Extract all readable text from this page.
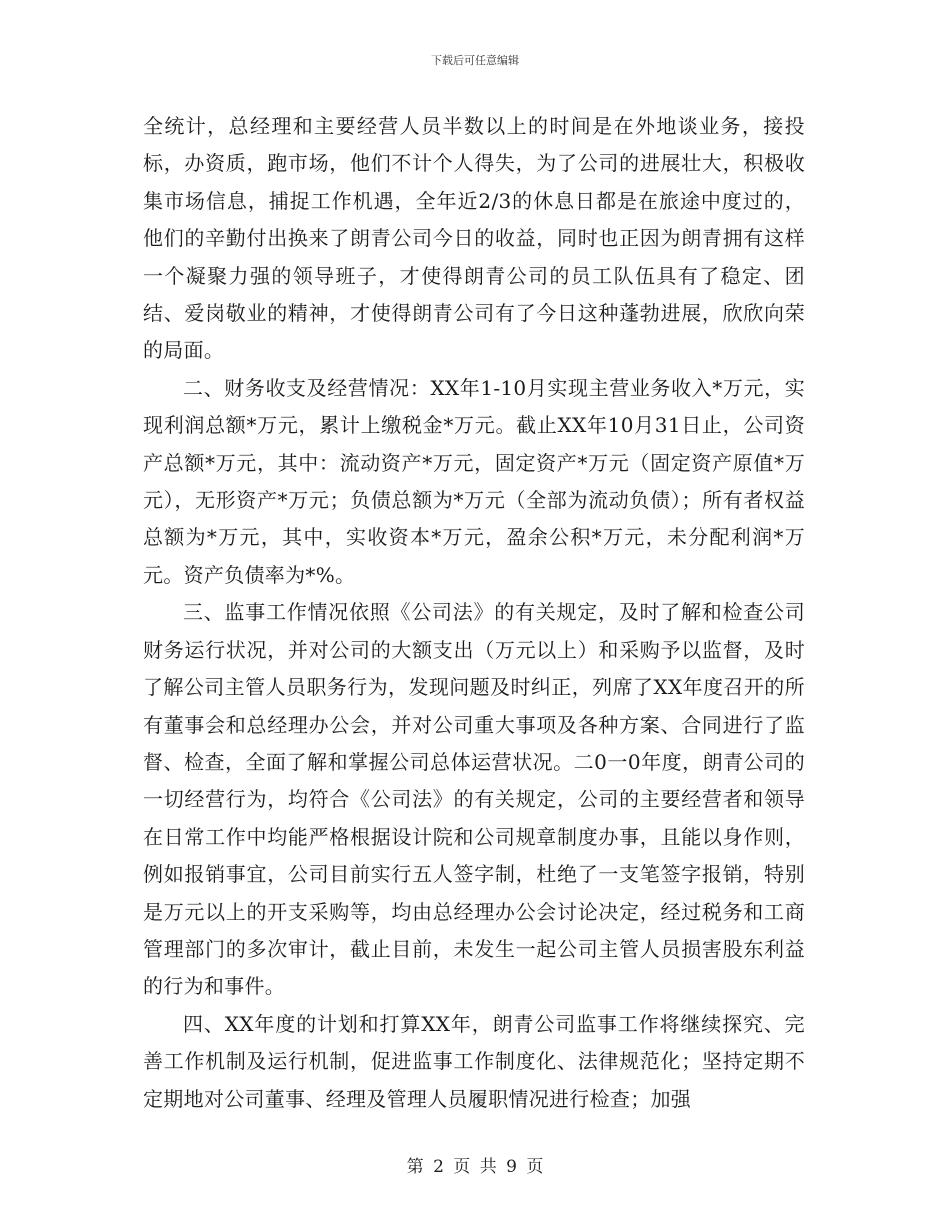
下载后可任意编辑

全统计，总经理和主要经营人员半数以上的时间是在外地谈业务，接投标，办资质，跑市场，他们不计个人得失，为了公司的进展壮大，积极收集市场信息，捕捉工作机遇，全年近2/3的休息日都是在旅途中度过的，他们的辛勤付出换来了朗青公司今日的收益，同时也正因为朗青拥有这样一个凝聚力强的领导班子，才使得朗青公司的员工队伍具有了稳定、团结、爱岗敬业的精神，才使得朗青公司有了今日这种蓬勃进展，欣欣向荣的局面。

二、财务收支及经营情况：XX年1-10月实现主营业务收入*万元，实现利润总额*万元，累计上缴税金*万元。截止XX年10月31日止，公司资产总额*万元，其中：流动资产*万元，固定资产*万元（固定资产原值*万元），无形资产*万元；负债总额为*万元（全部为流动负债）；所有者权益总额为*万元，其中，实收资本*万元，盈余公积*万元，未分配利润*万元。资产负债率为*%。

三、监事工作情况依照《公司法》的有关规定，及时了解和检查公司财务运行状况，并对公司的大额支出（万元以上）和采购予以监督，及时了解公司主管人员职务行为，发现问题及时纠正，列席了XX年度召开的所有董事会和总经理办公会，并对公司重大事项及各种方案、合同进行了监督、检查，全面了解和掌握公司总体运营状况。二0一0年度，朗青公司的一切经营行为，均符合《公司法》的有关规定，公司的主要经营者和领导在日常工作中均能严格根据设计院和公司规章制度办事，且能以身作则，例如报销事宜，公司目前实行五人签字制，杜绝了一支笔签字报销，特别是万元以上的开支采购等，均由总经理办公会讨论决定，经过税务和工商管理部门的多次审计，截止目前，未发生一起公司主管人员损害股东利益的行为和事件。

四、XX年度的计划和打算XX年，朗青公司监事工作将继续探究、完善工作机制及运行机制，促进监事工作制度化、法律规范化；坚持定期不定期地对公司董事、经理及管理人员履职情况进行检查；加强

第 2 页 共 9 页
